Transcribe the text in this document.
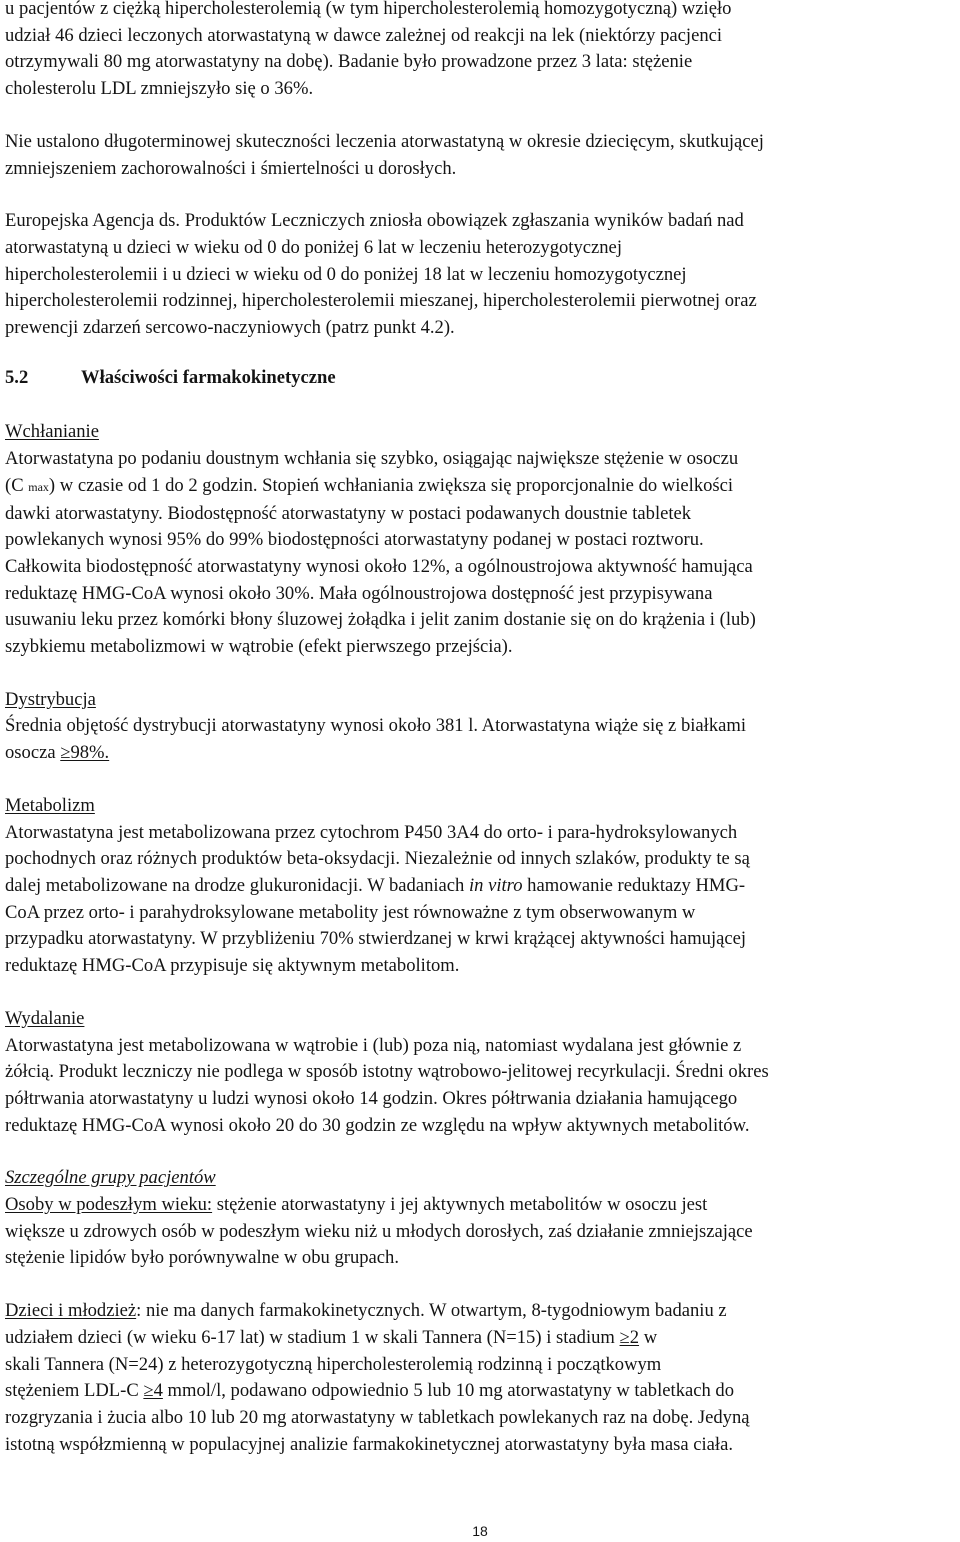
u pacjentów z ciężką hipercholesterolemią (w tym hipercholesterolemią homozygotyczną) wzięło

udział 46 dzieci leczonych atorwastatyną w dawce zależnej od reakcji na lek (niektórzy pacjenci

otrzymywali 80 mg atorwastatyny na dobę). Badanie było prowadzone przez 3 lata: stężenie

cholesterolu LDL zmniejszyło się o 36%.

Nie ustalono długoterminowej skuteczności leczenia atorwastatyną w okresie dziecięcym, skutkującej

zmniejszeniem zachorowalności i śmiertelności u dorosłych.

Europejska Agencja ds. Produktów Leczniczych zniosła obowiązek zgłaszania wyników badań nad

atorwastatyną u dzieci w wieku od 0 do poniżej 6 lat w leczeniu heterozygotycznej

hipercholesterolemii i u dzieci w wieku od 0 do poniżej 18 lat w leczeniu homozygotycznej

hipercholesterolemii rodzinnej, hipercholesterolemii mieszanej, hipercholesterolemii pierwotnej oraz

prewencji zdarzeń sercowo-naczyniowych (patrz punkt 4.2).

5.2	Właściwości farmakokinetyczne

Wchłanianie

Atorwastatyna po podaniu doustnym wchłania się szybko, osiągając największe stężenie w osoczu

(C max) w czasie od 1 do 2 godzin. Stopień wchłaniania zwiększa się proporcjonalnie do wielkości

dawki atorwastatyny. Biodostępność atorwastatyny w postaci podawanych doustnie tabletek

powlekanych wynosi 95% do 99% biodostępności atorwastatyny podanej w postaci roztworu.

Całkowita biodostępność atorwastatyny wynosi około 12%, a ogólnoustrojowa aktywność hamująca

reduktazę HMG-CoA wynosi około 30%. Mała ogólnoustrojowa dostępność jest przypisywana

usuwaniu leku przez komórki błony śluzowej żołądka i jelit zanim dostanie się on do krążenia i (lub)

szybkiemu metabolizmowi w wątrobie (efekt pierwszego przejścia).

Dystrybucja

Średnia objętość dystrybucji atorwastatyny wynosi około 381 l. Atorwastatyna wiąże się z białkami

osocza ≥98%.

Metabolizm

Atorwastatyna jest metabolizowana przez cytochrom P450 3A4 do orto- i para-hydroksylowanych

pochodnych oraz różnych produktów beta-oksydacji. Niezależnie od innych szlaków, produkty te są

dalej metabolizowane na drodze glukuronidacji. W badaniach in vitro hamowanie reduktazy HMG-

CoA przez orto- i parahydroksylowane metabolity jest równoważne z tym obserwowanym w

przypadku atorwastatyny. W przybliżeniu 70% stwierdzanej w krwi krążącej aktywności hamującej

reduktazę HMG-CoA przypisuje się aktywnym metabolitom.

Wydalanie

Atorwastatyna jest metabolizowana w wątrobie i (lub) poza nią, natomiast wydalana jest głównie z

żółcią. Produkt leczniczy nie podlega w sposób istotny wątrobowo-jelitowej recyrkulacji. Średni okres

półtrwania atorwastatyny u ludzi wynosi około 14 godzin. Okres półtrwania działania hamującego

reduktazę HMG-CoA wynosi około 20 do 30 godzin ze względu na wpływ aktywnych metabolitów.

Szczególne grupy pacjentów

Osoby w podeszłym wieku: stężenie atorwastatyny i jej aktywnych metabolitów w osoczu jest

większe u zdrowych osób w podeszłym wieku niż u młodych dorosłych, zaś działanie zmniejszające

stężenie lipidów było porównywalne w obu grupach.

Dzieci i młodzież: nie ma danych farmakokinetycznych. W otwartym, 8-tygodniowym badaniu z

udziałem dzieci (w wieku 6-17 lat) w stadium 1 w skali Tannera (N=15) i stadium ≥2 w

skali Tannera (N=24) z heterozygotyczną hipercholesterolemią rodzinną i początkowym

stężeniem LDL-C ≥4 mmol/l, podawano odpowiednio 5 lub 10 mg atorwastatyny w tabletkach do

rozgryzania i żucia albo 10 lub 20 mg atorwastatyny w tabletkach powlekanych raz na dobę. Jedyną

istotną współzmienną w populacyjnej analizie farmakokinetycznej atorwastatyny była masa ciała.

18
